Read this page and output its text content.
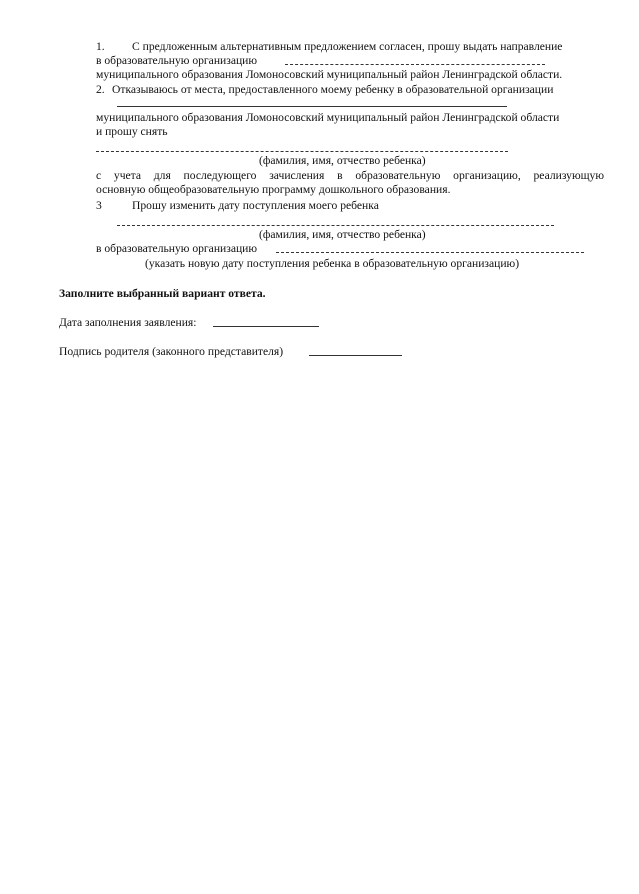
1. С предложенным альтернативным предложением согласен, прошу выдать направление
в образовательную организацию
муниципального образования Ломоносовский муниципальный район Ленинградской области.
2. Отказываюсь от места, предоставленного моему ребенку в образовательной организации
муниципального образования Ломоносовский муниципальный район Ленинградской области
и прошу снять
(фамилия, имя, отчество ребенка)
с учета для последующего зачисления в образовательную организацию, реализующую
основную общеобразовательную программу дошкольного образования.
3	Прошу изменить дату поступления моего ребенка
(фамилия, имя, отчество ребенка)
в образовательную организацию
(указать новую дату поступления ребенка в образовательную организацию)
Заполните выбранный вариант ответа.
Дата заполнения заявления:
Подпись родителя (законного представителя)
